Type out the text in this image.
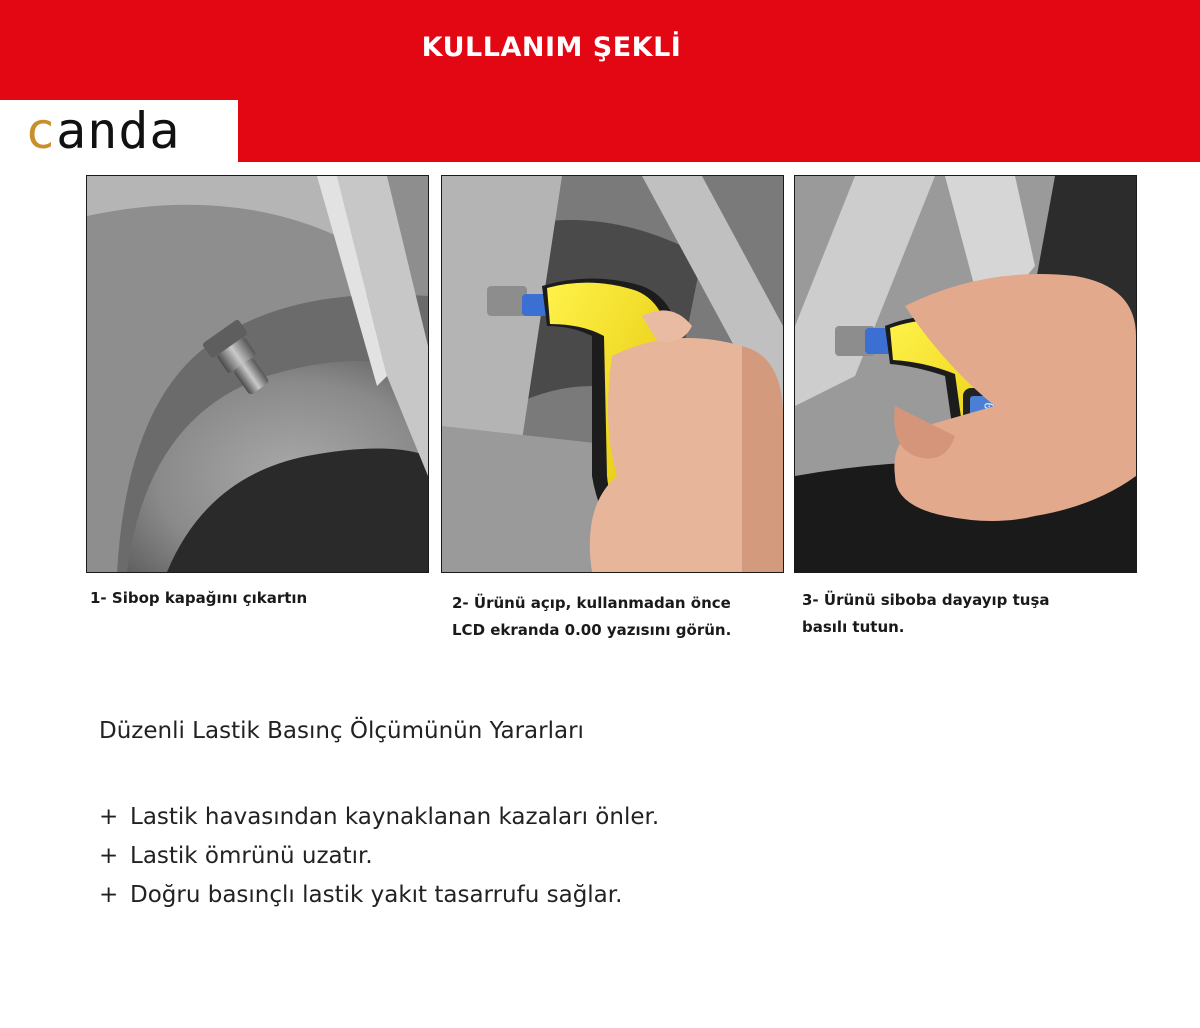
KULLANIM ŞEKLİ
canda
1- Sibop kapağını çıkartın	2- Ürünü açıp, kullanmadan önce
LCD ekranda 0.00 yazısını görün.
3- Ürünü siboba dayayıp tuşa
basılı tutun.
Düzenli Lastik Basınç Ölçümünün Yararları
+ Lastik havasından kaynaklanan kazaları önler.
+ Lastik ömrünü uzatır.
+ Doğru basınçlı lastik yakıt tasarrufu sağlar.
